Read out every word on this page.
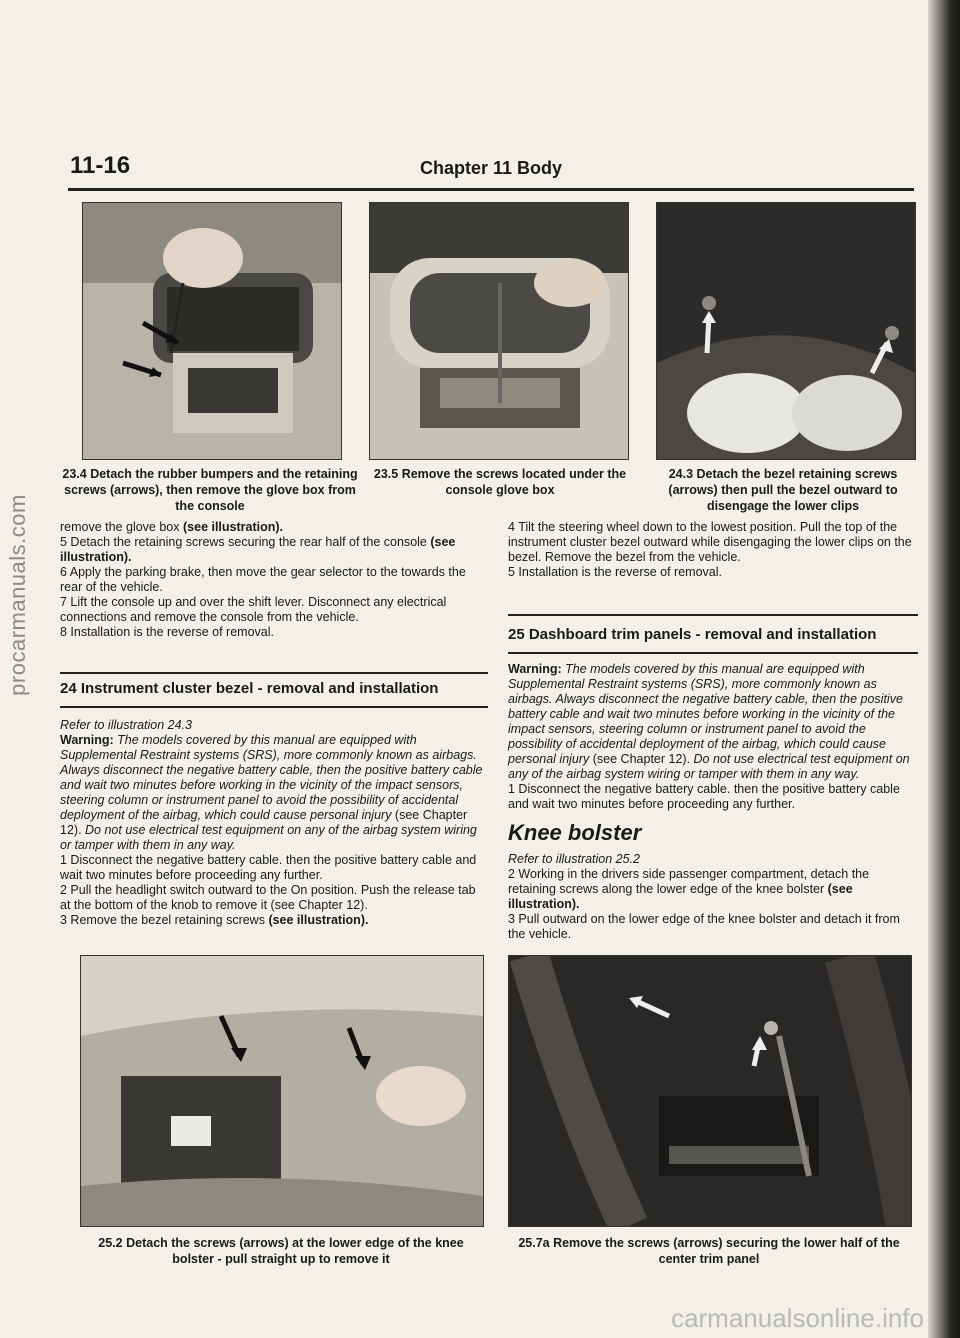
procarmanuals.com
carmanualsonline.info
11-16	Chapter 11 Body
23.4 Detach the rubber bumpers and the retaining screws (arrows), then remove the glove box from the console
23.5 Remove the screws located under the console glove box
24.3 Detach the bezel retaining screws (arrows) then pull the bezel outward to disengage the lower clips

remove the glove box (see illustration).

5 Detach the retaining screws securing the rear half of the console (see illustration).

6 Apply the parking brake, then move the gear selector to the towards the rear of the vehicle.

7 Lift the console up and over the shift lever. Disconnect any electrical connections and remove the console from the vehicle.

8 Installation is the reverse of removal.

24 Instrument cluster bezel - removal and installation

Refer to illustration 24.3

Warning: The models covered by this manual are equipped with Supplemental Restraint systems (SRS), more commonly known as airbags. Always disconnect the negative battery cable, then the positive battery cable and wait two minutes before working in the vicinity of the impact sensors, steering column or instrument panel to avoid the possibility of accidental deployment of the airbag, which could cause personal injury (see Chapter 12). Do not use electrical test equipment on any of the airbag system wiring or tamper with them in any way.

1 Disconnect the negative battery cable. then the positive battery cable and wait two minutes before proceeding any further.

2 Pull the headlight switch outward to the On position. Push the release tab at the bottom of the knob to remove it (see Chapter 12).

3 Remove the bezel retaining screws (see illustration).

4 Tilt the steering wheel down to the lowest position. Pull the top of the instrument cluster bezel outward while disengaging the lower clips on the bezel. Remove the bezel from the vehicle.

5 Installation is the reverse of removal.

25 Dashboard trim panels - removal and installation

Warning: The models covered by this manual are equipped with Supplemental Restraint systems (SRS), more commonly known as airbags. Always disconnect the negative battery cable, then the positive battery cable and wait two minutes before working in the vicinity of the impact sensors, steering column or instrument panel to avoid the possibility of accidental deployment of the airbag, which could cause personal injury (see Chapter 12). Do not use electrical test equipment on any of the airbag system wiring or tamper with them in any way.

1 Disconnect the negative battery cable. then the positive battery cable and wait two minutes before proceeding any further.

Knee bolster

Refer to illustration 25.2

2 Working in the drivers side passenger compartment, detach the retaining screws along the lower edge of the knee bolster (see illustration).

3 Pull outward on the lower edge of the knee bolster and detach it from the vehicle.

25.2 Detach the screws (arrows) at the lower edge of the knee bolster - pull straight up to remove it
25.7a Remove the screws (arrows) securing the lower half of the center trim panel
